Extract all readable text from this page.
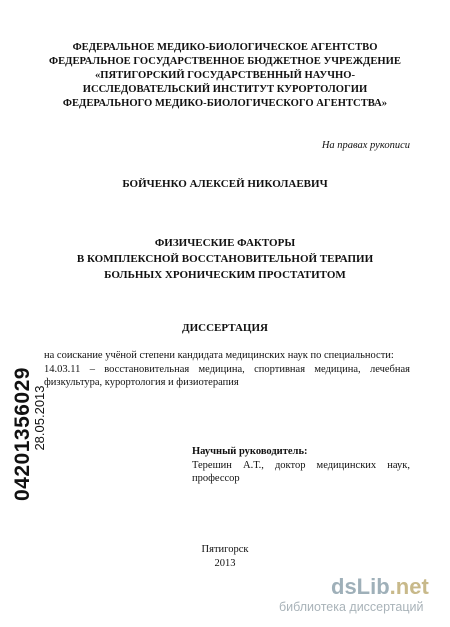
ФЕДЕРАЛЬНОЕ МЕДИКО-БИОЛОГИЧЕСКОЕ АГЕНТСТВО
ФЕДЕРАЛЬНОЕ ГОСУДАРСТВЕННОЕ БЮДЖЕТНОЕ УЧРЕЖДЕНИЕ
«ПЯТИГОРСКИЙ ГОСУДАРСТВЕННЫЙ НАУЧНО-
ИССЛЕДОВАТЕЛЬСКИЙ ИНСТИТУТ КУРОРТОЛОГИИ
ФЕДЕРАЛЬНОГО МЕДИКО-БИОЛОГИЧЕСКОГО АГЕНТСТВА»
На правах рукописи
БОЙЧЕНКО АЛЕКСЕЙ НИКОЛАЕВИЧ
ФИЗИЧЕСКИЕ ФАКТОРЫ
В КОМПЛЕКСНОЙ ВОССТАНОВИТЕЛЬНОЙ ТЕРАПИИ
БОЛЬНЫХ ХРОНИЧЕСКИМ ПРОСТАТИТОМ
ДИССЕРТАЦИЯ
на соискание учёной степени кандидата медицинских наук по специальности:
14.03.11 – восстановительная медицина, спортивная медицина, лечебная
физкультура, курортология и физиотерапия
Научный руководитель:
Терешин А.Т., доктор медицинских наук,
профессор
Пятигорск
2013
04201356029
28.05.2013
dsLib.net
библиотека диссертаций
